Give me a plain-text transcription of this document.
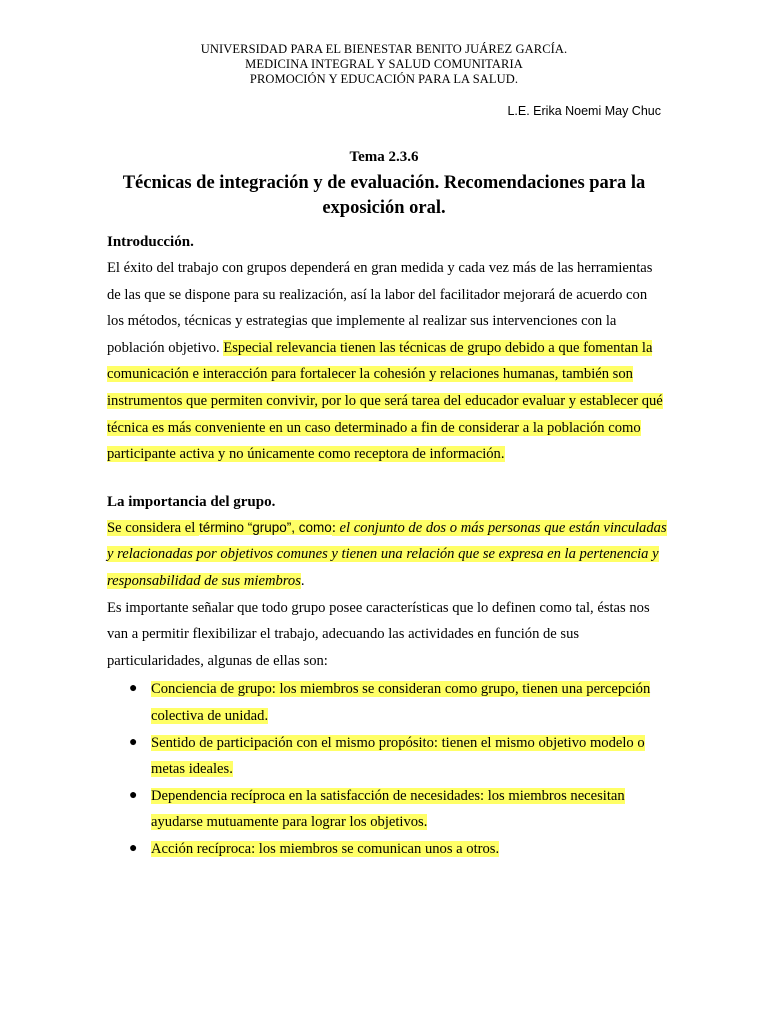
UNIVERSIDAD PARA EL BIENESTAR BENITO JUÁREZ GARCÍA.
MEDICINA INTEGRAL Y SALUD COMUNITARIA
PROMOCIÓN Y EDUCACIÓN PARA LA SALUD.
L.E. Erika Noemi May Chuc
Tema 2.3.6
Técnicas de integración y de evaluación. Recomendaciones para la exposición oral.

Introducción.

El éxito del trabajo con grupos dependerá en gran medida y cada vez más de las herramientas de las que se dispone para su realización, así la labor del facilitador mejorará de acuerdo con los métodos, técnicas y estrategias que implemente al realizar sus intervenciones con la población objetivo. Especial relevancia tienen las técnicas de grupo debido a que fomentan la comunicación e interacción para fortalecer la cohesión y relaciones humanas, también son instrumentos que permiten convivir, por lo que será tarea del educador evaluar y establecer qué técnica es más conveniente en un caso determinado a fin de considerar a la población como participante activa y no únicamente como receptora de información.

La importancia del grupo.

Se considera el término “grupo”, como: el conjunto de dos o más personas que están vinculadas y relacionadas por objetivos comunes y tienen una relación que se expresa en la pertenencia y responsabilidad de sus miembros.

Es importante señalar que todo grupo posee características que lo definen como tal, éstas nos van a permitir flexibilizar el trabajo, adecuando las actividades en función de sus particularidades, algunas de ellas son:

● Conciencia de grupo: los miembros se consideran como grupo, tienen una percepción colectiva de unidad.
● Sentido de participación con el mismo propósito: tienen el mismo objetivo modelo o metas ideales.
● Dependencia recíproca en la satisfacción de necesidades: los miembros necesitan ayudarse mutuamente para lograr los objetivos.
● Acción recíproca: los miembros se comunican unos a otros.
